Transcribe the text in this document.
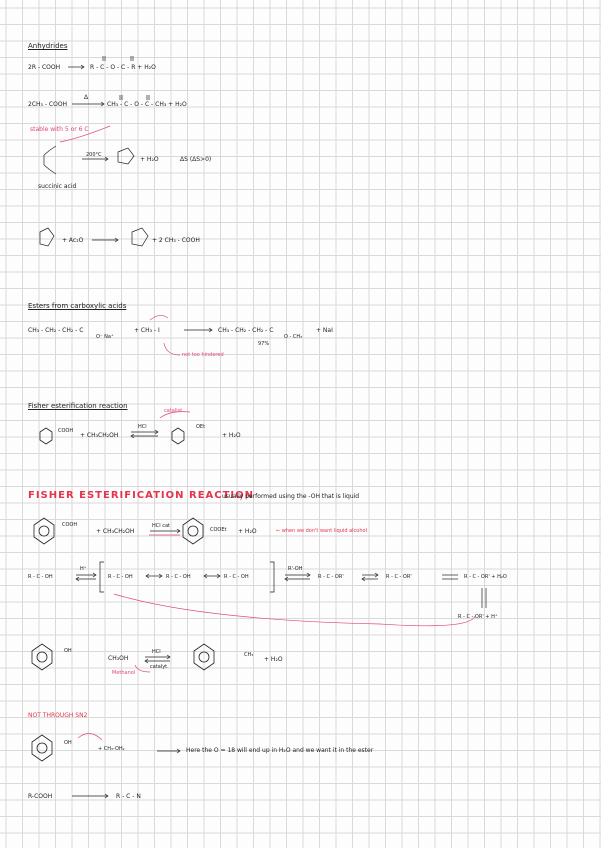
Anhydrides
2R - COOH	R - C - O - C - R + H₂O
2CH₃ - COOH
Δ
CH₃ - C - O - C - CH₃ + H₂O
stable with 5 or 6 C
200°C
+ H₂O	ΔS (ΔS>0)
succinic acid
+ Ac₂O	+ 2 CH₃ - COOH
Esters from carboxylic acids
CH₃ - CH₂ - CH₂ - C
O⁻ Na⁺
+ CH₃ - I	CH₃ - CH₂ - CH₂ - C
O - CH₃
+ NaI
97%
not too hindered
Fisher esterification reaction
catalist
COOH
+ CH₃CH₂OH
HCl	OEt
+ H₂O
FISHER ESTERIFICATION REACTION
usually performed using the -OH that is liquid
COOH
+ CH₃CH₂OH
HCl cat
COOEt + H₂O	← when we don't want liquid alcohol
R - C - OH
H⁺
R - C - OH	R - C - OH	R - C - OH
R'-OH
R - C - OR'	R - C - OR'	R - C - OR' + H₂O
R - C - OR' + H⁺
OH
CH₃OH
Methanol
HCl
catalyt.
CH₃
+ H₂O
NOT THROUGH SN2
OH
+ CH₃-OH₂	Here the O = 18 will end up in H₂O and we want it in the ester
R-COOH	R - C - N
